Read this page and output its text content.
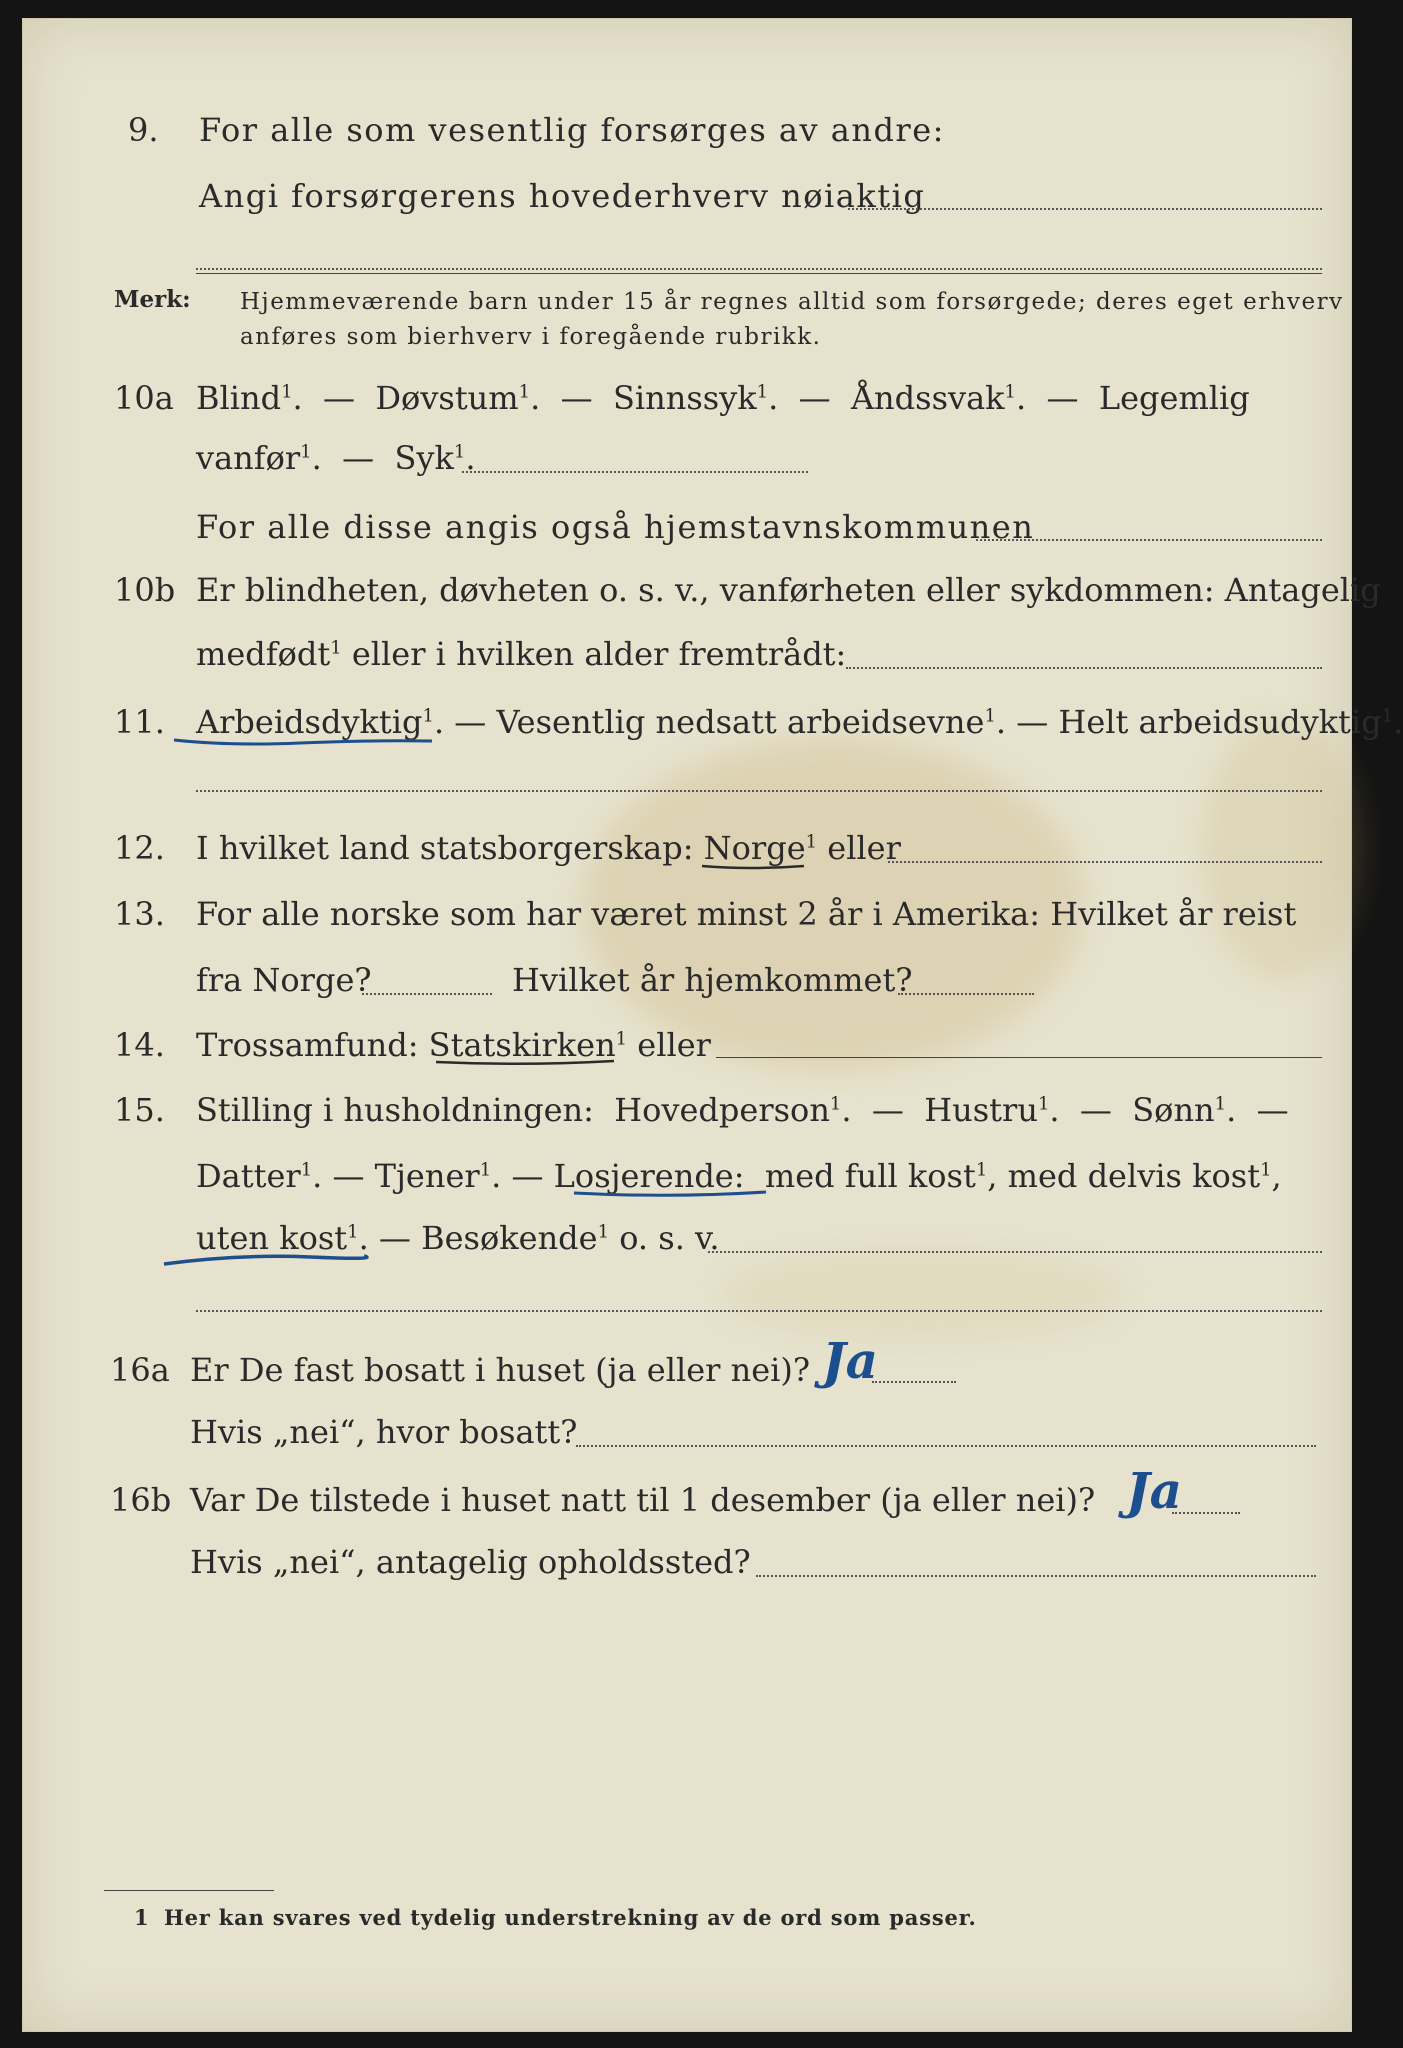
9. For alle som vesentlig forsørges av andre:
Angi forsørgerens hovederhverv nøiaktig
Merk: Hjemmeværende barn under 15 år regnes alltid som forsørgede; deres eget erhverv
anføres som bierhverv i foregående rubrikk.
10a Blind$^1$.  —  Døvstum$^1$.  —  Sinnssyk$^1$.  —  Åndssvak$^1$.  —  Legemlig
vanfør$^1$.  —  Syk$^1$.
For alle disse angis også hjemstavnskommunen
10b Er blindheten, døvheten o. s. v., vanførheten eller sykdommen: Antagelig
medfødt$^1$ eller i hvilken alder fremtrådt:
11. Arbeidsdyktig$^1$. — Vesentlig nedsatt arbeidsevne$^1$. — Helt arbeidsudyktig$^1$.
12. I hvilket land statsborgerskap: Norge$^1$ eller
13. For alle norske som har været minst 2 år i Amerika: Hvilket år reist
fra Norge?	Hvilket år hjemkommet?
14. Trossamfund: Statskirken$^1$ eller
15. Stilling i husholdningen: Hovedperson$^1$.  —  Hustru$^1$.  —  Sønn$^1$.  —
Datter$^1$. — Tjener$^1$. — Losjerende: med full kost$^1$, med delvis kost$^1$,
uten kost$^1$. — Besøkende$^1$ o. s. v.
16a Er De fast bosatt i huset (ja eller nei)? Ja
Hvis „nei“, hvor bosatt?
16b Var De tilstede i huset natt til 1 desember (ja eller nei)? Ja
Hvis „nei“, antagelig opholdssted?
1 Her kan svares ved tydelig understrekning av de ord som passer.
